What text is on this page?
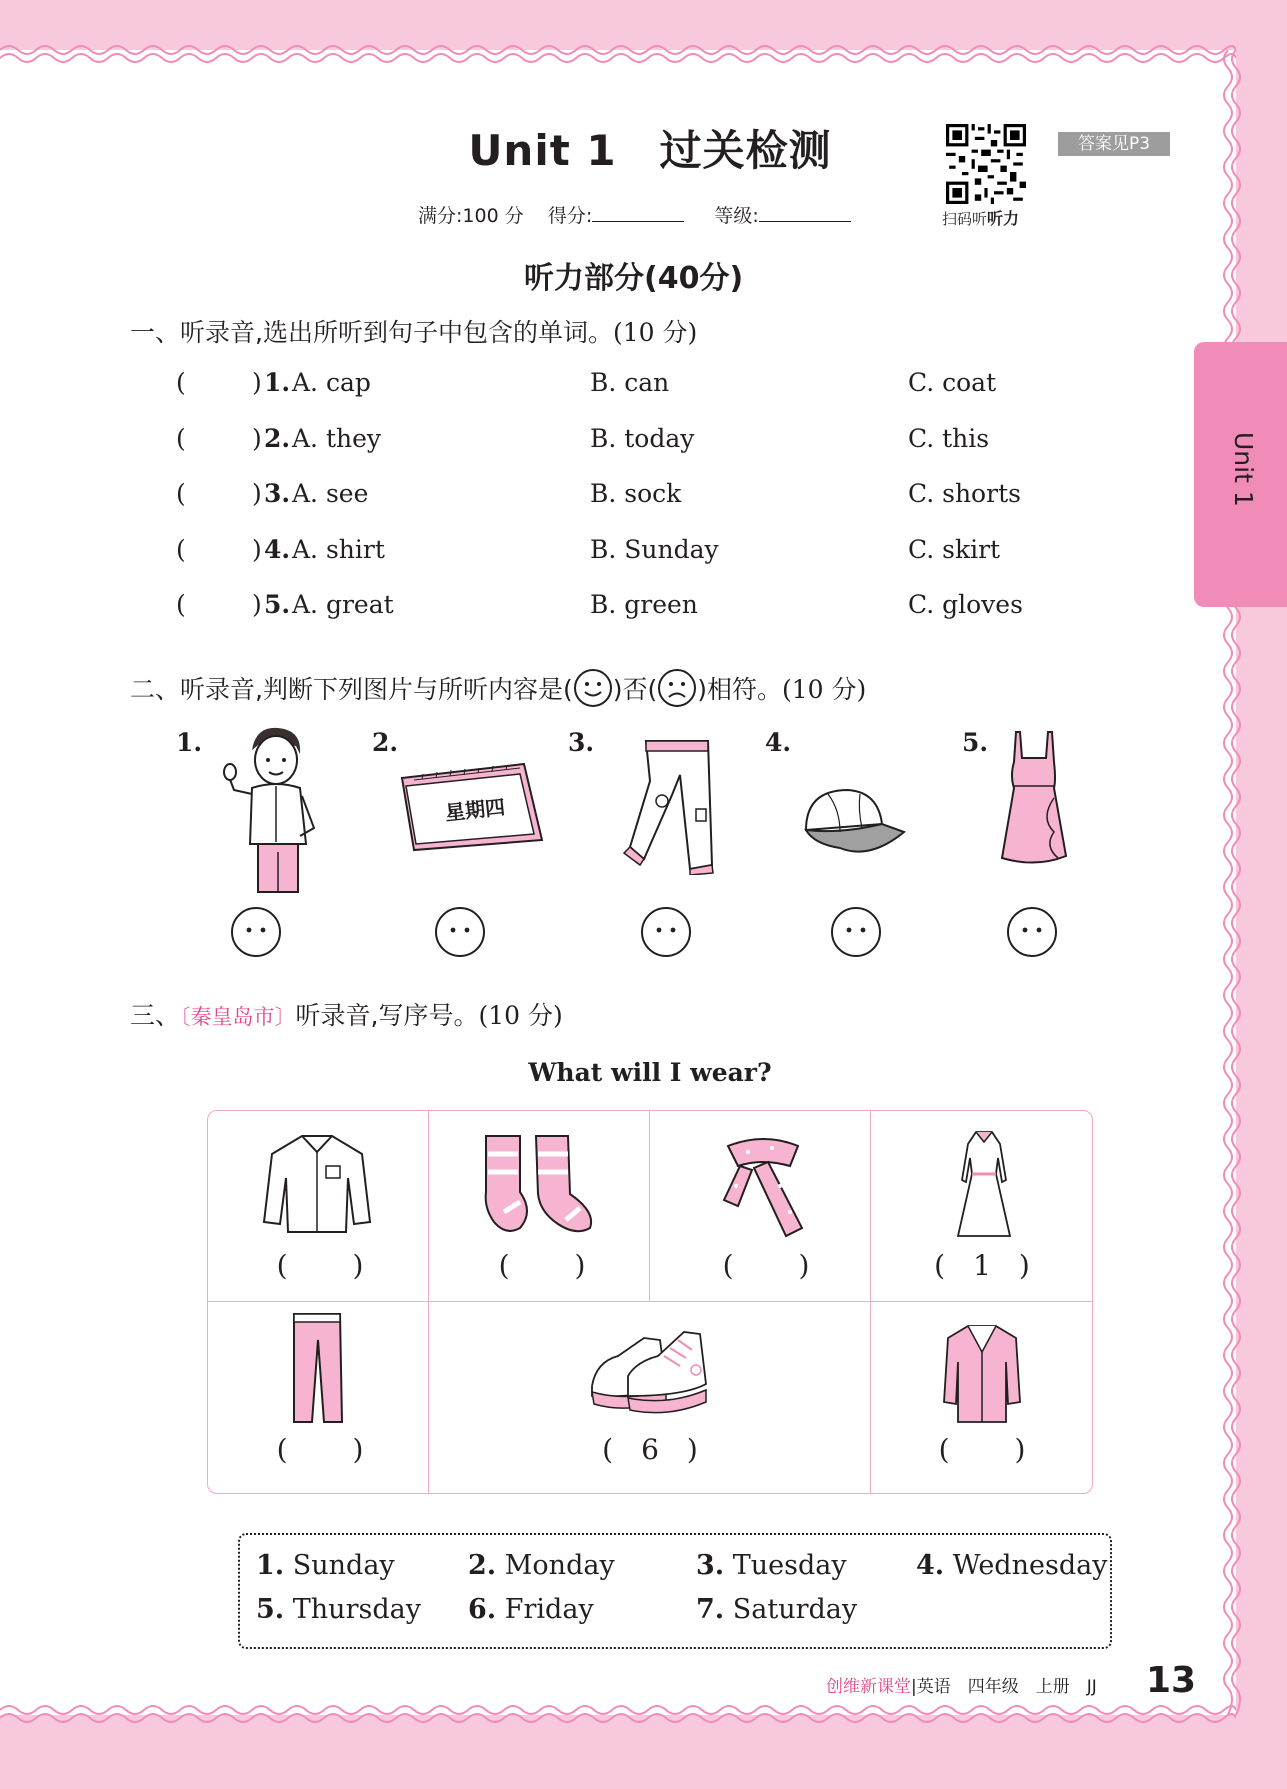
Unit 1
Unit 1　过关检测
扫码听听力
答案见P3
满分:100 分 得分:	等级:
听力部分(40分)
一、听录音,选出所听到句子中包含的单词。(10 分)
(	) 1. A. cap	B. can	C. coat
(	) 2. A. they	B. today	C. this
(	) 3. A. see	B. sock	C. shorts
(	) 4. A. shirt	B. Sunday	C. skirt
(	) 5. A. great	B. green	C. gloves
二、听录音,判断下列图片与所听内容是( )否( )相符。 (10 分)
1.	2.	3.	4.	5.
星期四
三、〔秦皇岛市〕听录音,写序号。(10 分)
What will I wear?
( 　　)	( 　　)	( 　　)	(　1　)
( 　　)	(　6　)	( 　　)
1. Sunday	2. Monday	3. Tuesday	4. Wednesday
5. Thursday 6. Friday	7. Saturday
创维新课堂|英语　四年级　上册　JJ 13
